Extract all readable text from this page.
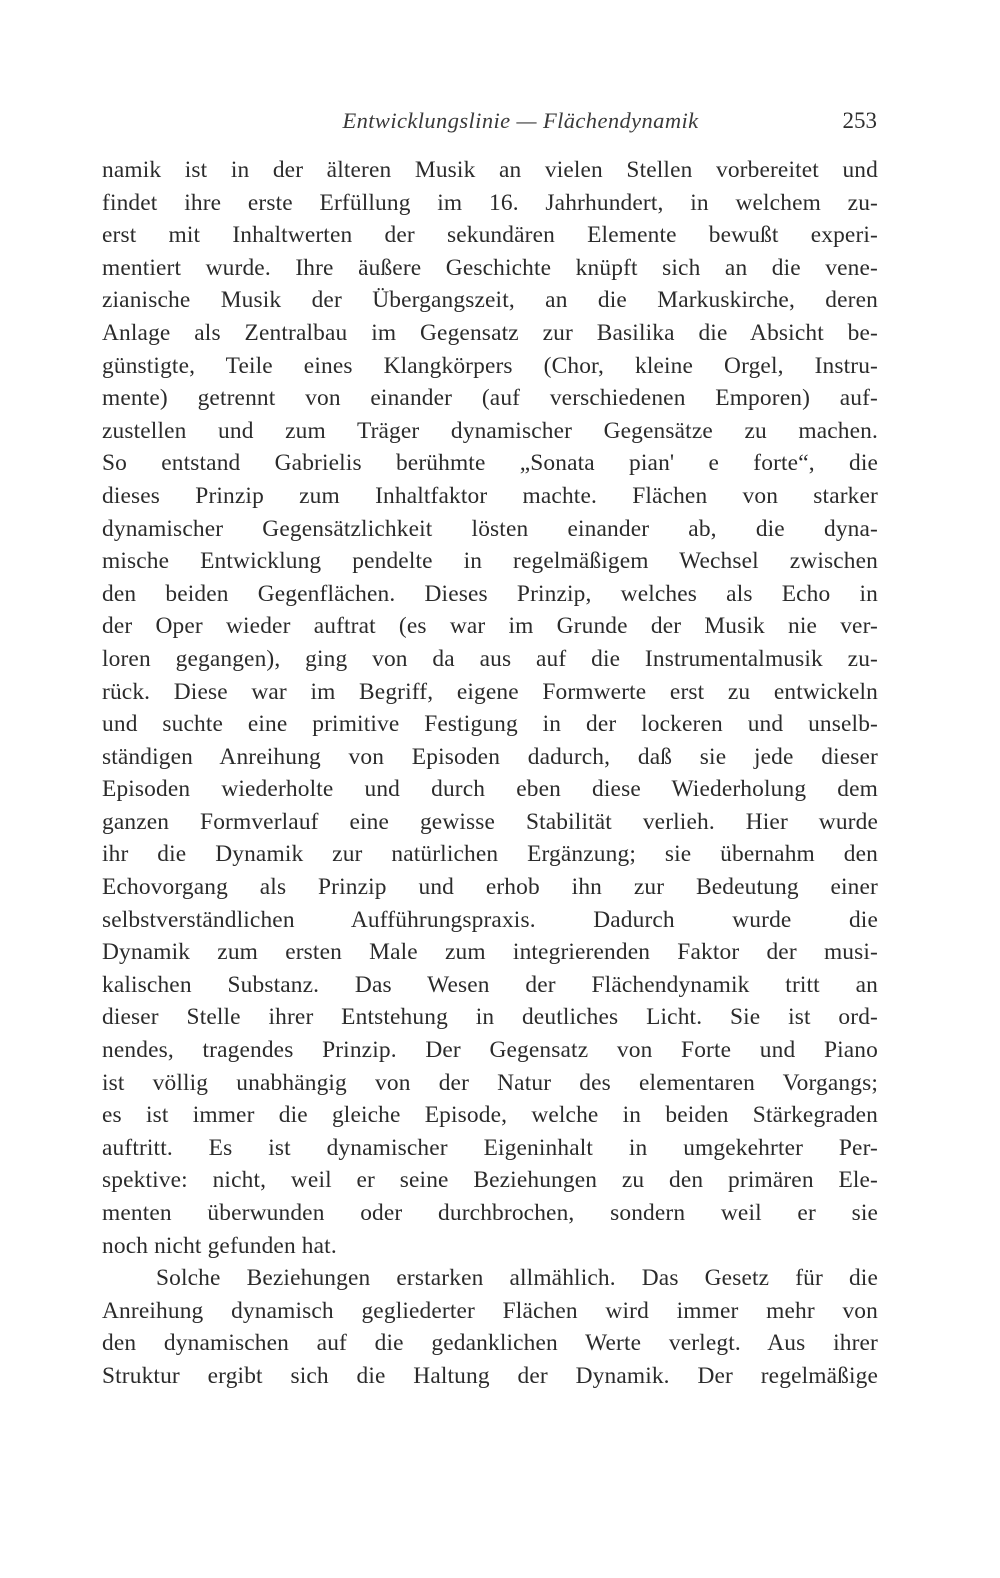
Entwicklungslinie — Flächendynamik	253
namik ist in der älteren Musik an vielen Stellen vorbereitet und
findet ihre erste Erfüllung im 16. Jahrhundert, in welchem zu-
erst mit Inhaltwerten der sekundären Elemente bewußt experi-
mentiert wurde. Ihre äußere Geschichte knüpft sich an die vene-
zianische Musik der Übergangszeit, an die Markuskirche, deren
Anlage als Zentralbau im Gegensatz zur Basilika die Absicht be-
günstigte, Teile eines Klangkörpers (Chor, kleine Orgel, Instru-
mente) getrennt von einander (auf verschiedenen Emporen) auf-
zustellen und zum Träger dynamischer Gegensätze zu machen.
So entstand Gabrielis berühmte „Sonata pian' e forte“, die
dieses Prinzip zum Inhaltfaktor machte. Flächen von starker
dynamischer Gegensätzlichkeit lösten einander ab, die dyna-
mische Entwicklung pendelte in regelmäßigem Wechsel zwischen
den beiden Gegenflächen. Dieses Prinzip, welches als Echo in
der Oper wieder auftrat (es war im Grunde der Musik nie ver-
loren gegangen), ging von da aus auf die Instrumentalmusik zu-
rück. Diese war im Begriff, eigene Formwerte erst zu entwickeln
und suchte eine primitive Festigung in der lockeren und unselb-
ständigen Anreihung von Episoden dadurch, daß sie jede dieser
Episoden wiederholte und durch eben diese Wiederholung dem
ganzen Formverlauf eine gewisse Stabilität verlieh. Hier wurde
ihr die Dynamik zur natürlichen Ergänzung; sie übernahm den
Echovorgang als Prinzip und erhob ihn zur Bedeutung einer
selbstverständlichen Aufführungspraxis. Dadurch wurde die
Dynamik zum ersten Male zum integrierenden Faktor der musi-
kalischen Substanz. Das Wesen der Flächendynamik tritt an
dieser Stelle ihrer Entstehung in deutliches Licht. Sie ist ord-
nendes, tragendes Prinzip. Der Gegensatz von Forte und Piano
ist völlig unabhängig von der Natur des elementaren Vorgangs;
es ist immer die gleiche Episode, welche in beiden Stärkegraden
auftritt. Es ist dynamischer Eigeninhalt in umgekehrter Per-
spektive: nicht, weil er seine Beziehungen zu den primären Ele-
menten überwunden oder durchbrochen, sondern weil er sie
noch nicht gefunden hat.
Solche Beziehungen erstarken allmählich. Das Gesetz für die
Anreihung dynamisch gegliederter Flächen wird immer mehr von
den dynamischen auf die gedanklichen Werte verlegt. Aus ihrer
Struktur ergibt sich die Haltung der Dynamik. Der regelmäßige
